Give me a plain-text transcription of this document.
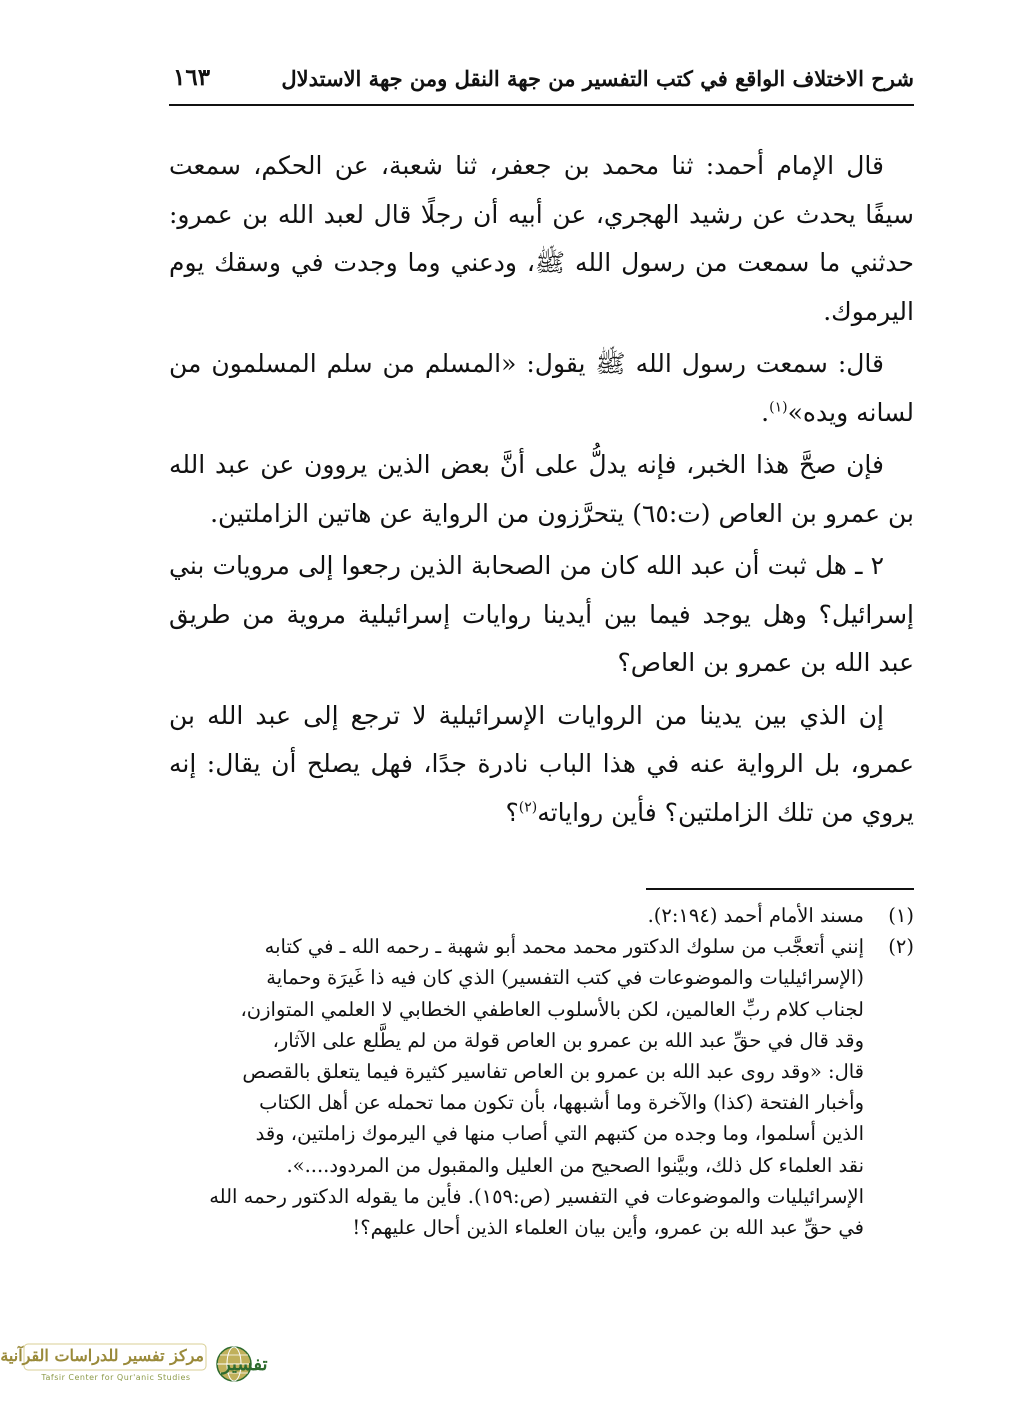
شرح الاختلاف الواقع في كتب التفسير من جهة النقل ومن جهة الاستدلال
١٦٣

قال الإمام أحمد: ثنا محمد بن جعفر، ثنا شعبة، عن الحكم، سمعت سيفًا يحدث عن رشيد الهجري، عن أبيه أن رجلًا قال لعبد الله بن عمرو: حدثني ما سمعت من رسول الله ﷺ، ودعني وما وجدت في وسقك يوم اليرموك.

قال: سمعت رسول الله ﷺ يقول: «المسلم من سلم المسلمون من لسانه ويده»$^{(١)}$.

فإن صحَّ هذا الخبر، فإنه يدلُّ على أنَّ بعض الذين يروون عن عبد الله بن عمرو بن العاص (ت:٦٥) يتحرَّزون من الرواية عن هاتين الزاملتين.

٢ ـ هل ثبت أن عبد الله كان من الصحابة الذين رجعوا إلى مرويات بني إسرائيل؟ وهل يوجد فيما بين أيدينا روايات إسرائيلية مروية من طريق عبد الله بن عمرو بن العاص؟

إن الذي بين يدينا من الروايات الإسرائيلية لا ترجع إلى عبد الله بن عمرو، بل الرواية عنه في هذا الباب نادرة جدًا، فهل يصلح أن يقال: إنه يروي من تلك الزاملتين؟ فأين رواياته$^{(٢)}$؟

(١)
مسند الأمام أحمد (٢:١٩٤).
(٢)
إنني أتعجَّب من سلوك الدكتور محمد محمد أبو شهبة ـ رحمه الله ـ في كتابه
(الإسرائيليات والموضوعات في كتب التفسير) الذي كان فيه ذا غَيرَة وحماية
لجناب كلام ربِّ العالمين، لكن بالأسلوب العاطفي الخطابي لا العلمي المتوازن،
وقد قال في حقِّ عبد الله بن عمرو بن العاص قولة من لم يطَّلع على الآثار،
قال: «وقد روى عبد الله بن عمرو بن العاص تفاسير كثيرة فيما يتعلق بالقصص
وأخبار الفتحة (كذا) والآخرة وما أشبهها، بأن تكون مما تحمله عن أهل الكتاب
الذين أسلموا، وما وجده من كتبهم التي أصاب منها في اليرموك زاملتين، وقد
نقد العلماء كل ذلك، وبيَّنوا الصحيح من العليل والمقبول من المردود....».
الإسرائيليات والموضوعات في التفسير (ص:١٥٩). فأين ما يقوله الدكتور رحمه الله
في حقِّ عبد الله بن عمرو، وأين بيان العلماء الذين أحال عليهم؟!
مركز تفسير للدراسات القرآنية
Tafsir Center for Qur'anic Studies
تفسير
